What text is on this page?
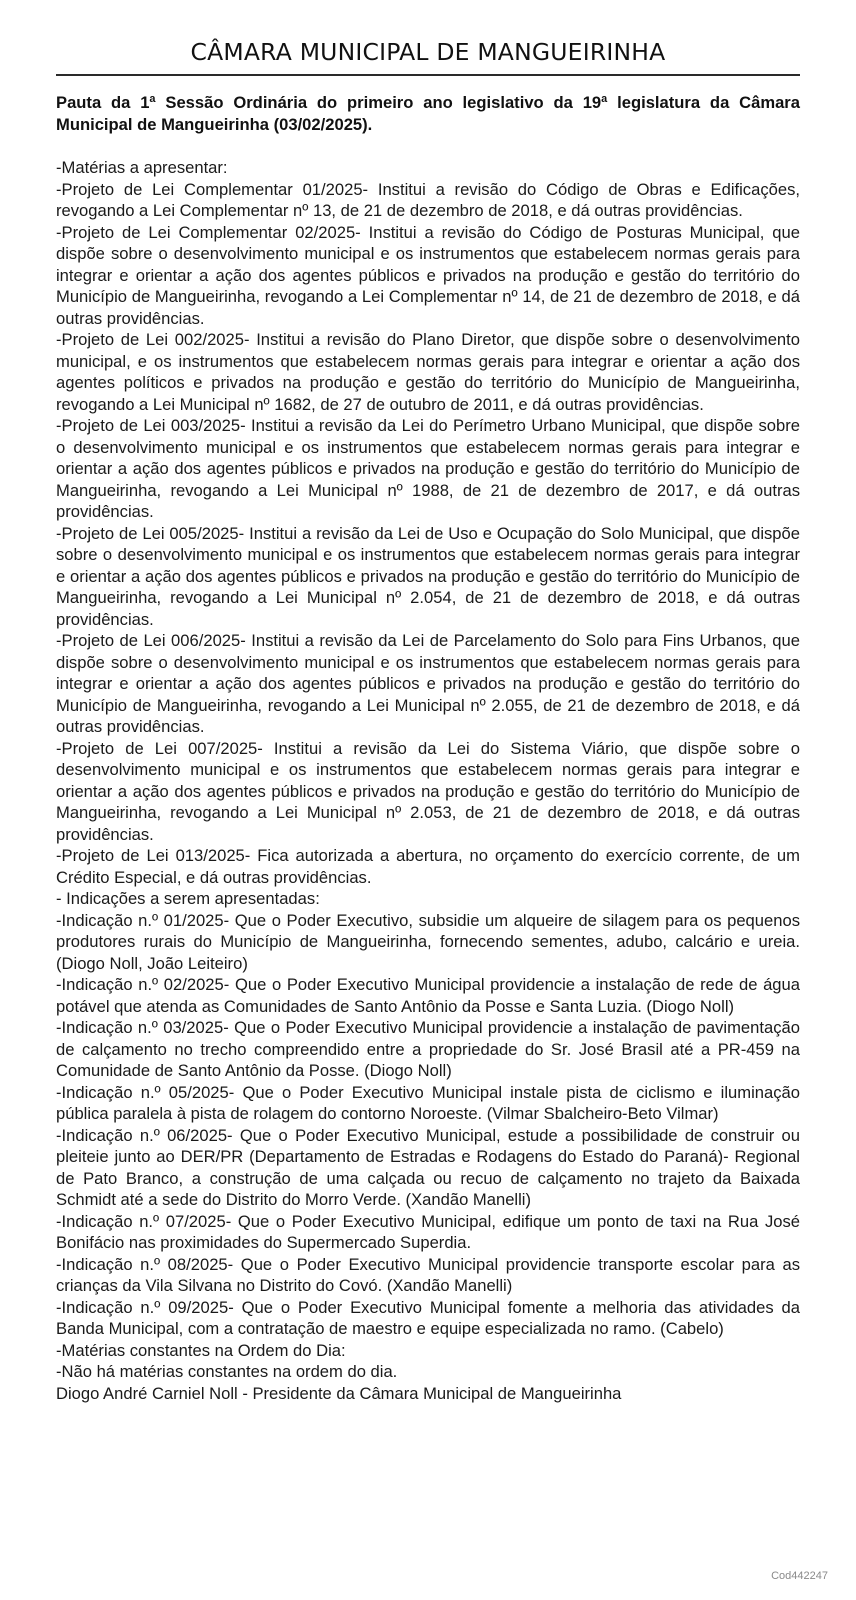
CÂMARA MUNICIPAL DE MANGUEIRINHA
Pauta da 1ª Sessão Ordinária do primeiro ano legislativo da 19ª legislatura da Câmara Municipal de Mangueirinha (03/02/2025).

-Matérias a apresentar:

-Projeto de Lei Complementar 01/2025- Institui a revisão do Código de Obras e Edificações, revogando a Lei Complementar nº 13, de 21 de dezembro de 2018, e dá outras providências.

-Projeto de Lei Complementar 02/2025- Institui a revisão do Código de Posturas Municipal, que dispõe sobre o desenvolvimento municipal e os instrumentos que estabelecem normas gerais para integrar e orientar a ação dos agentes públicos e privados na produção e gestão do território do Município de Mangueirinha, revogando a Lei Complementar nº 14, de 21 de dezembro de 2018, e dá outras providências.

-Projeto de Lei 002/2025- Institui a revisão do Plano Diretor, que dispõe sobre o desenvolvimento municipal, e os instrumentos que estabelecem normas gerais para integrar e orientar a ação dos agentes políticos e privados na produção e gestão do território do Município de Mangueirinha, revogando a Lei Municipal nº 1682, de 27 de outubro de 2011, e dá outras providências.

-Projeto de Lei 003/2025- Institui a revisão da Lei do Perímetro Urbano Municipal, que dispõe sobre o desenvolvimento municipal e os instrumentos que estabelecem normas gerais para integrar e orientar a ação dos agentes públicos e privados na produção e gestão do território do Município de Mangueirinha, revogando a Lei Municipal nº 1988, de 21 de dezembro de 2017, e dá outras providências.

-Projeto de Lei 005/2025- Institui a revisão da Lei de Uso e Ocupação do Solo Municipal, que dispõe sobre o desenvolvimento municipal e os instrumentos que estabelecem normas gerais para integrar e orientar a ação dos agentes públicos e privados na produção e gestão do território do Município de Mangueirinha, revogando a Lei Municipal nº 2.054, de 21 de dezembro de 2018, e dá outras providências.

-Projeto de Lei 006/2025- Institui a revisão da Lei de Parcelamento do Solo para Fins Urbanos, que dispõe sobre o desenvolvimento municipal e os instrumentos que estabelecem normas gerais para integrar e orientar a ação dos agentes públicos e privados na produção e gestão do território do Município de Mangueirinha, revogando a Lei Municipal nº 2.055, de 21 de dezembro de 2018, e dá outras providências.

-Projeto de Lei 007/2025- Institui a revisão da Lei do Sistema Viário, que dispõe sobre o desenvolvimento municipal e os instrumentos que estabelecem normas gerais para integrar e orientar a ação dos agentes públicos e privados na produção e gestão do território do Município de Mangueirinha, revogando a Lei Municipal nº 2.053, de 21 de dezembro de 2018, e dá outras providências.

-Projeto de Lei 013/2025- Fica autorizada a abertura, no orçamento do exercício corrente, de um Crédito Especial, e dá outras providências.

- Indicações a serem apresentadas:

-Indicação n.º 01/2025- Que o Poder Executivo, subsidie um alqueire de silagem para os pequenos produtores rurais do Município de Mangueirinha, fornecendo sementes, adubo, calcário e ureia. (Diogo Noll, João Leiteiro)

-Indicação n.º 02/2025- Que o Poder Executivo Municipal providencie a instalação de rede de água potável que atenda as Comunidades de Santo Antônio da Posse e Santa Luzia. (Diogo Noll)

-Indicação n.º 03/2025- Que o Poder Executivo Municipal providencie a instalação de pavimentação de calçamento no trecho compreendido entre a propriedade do Sr. José Brasil até a PR-459 na Comunidade de Santo Antônio da Posse. (Diogo Noll)

-Indicação n.º 05/2025- Que o Poder Executivo Municipal instale pista de ciclismo e iluminação pública paralela à pista de rolagem do contorno Noroeste. (Vilmar Sbalcheiro-Beto Vilmar)

-Indicação n.º 06/2025- Que o Poder Executivo Municipal, estude a possibilidade de construir ou pleiteie junto ao DER/PR (Departamento de Estradas e Rodagens do Estado do Paraná)- Regional de Pato Branco, a construção de uma calçada ou recuo de calçamento no trajeto da Baixada Schmidt até a sede do Distrito do Morro Verde. (Xandão Manelli)

-Indicação n.º 07/2025- Que o Poder Executivo Municipal, edifique um ponto de taxi na Rua José Bonifácio nas proximidades do Supermercado Superdia.

-Indicação n.º 08/2025- Que o Poder Executivo Municipal providencie transporte escolar para as crianças da Vila Silvana no Distrito do Covó. (Xandão Manelli)

-Indicação n.º 09/2025- Que o Poder Executivo Municipal fomente a melhoria das atividades da Banda Municipal, com a contratação de maestro e equipe especializada no ramo. (Cabelo)

-Matérias constantes na Ordem do Dia:

-Não há matérias constantes na ordem do dia.

Diogo André Carniel Noll - Presidente da Câmara Municipal de Mangueirinha

Cod442247
